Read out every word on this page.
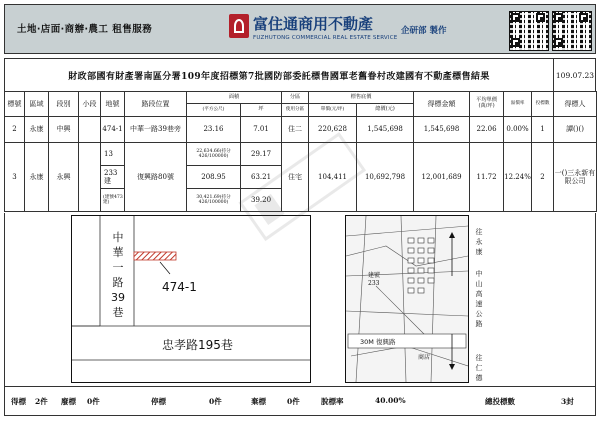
土地‧店面‧商辦‧農工 租售服務	富住通商用不動產
FUZHUTONG COMMERCIAL REAL ESTATE SERVICE
企研部 製作
財政部國有財產署南區分署109年度招標第7批國防部委託標售國軍老舊眷村改建國有不動產標售結果	109.07.23
標號	區域	段別	小段	地號	路段位置	面積		分區	標售底價		得標金額	平均單價
(萬/坪)	溢價率	投標數	得標人
						(平方公尺)	坪	使用分區	單價(元/坪)	總價(元)					
2	永康	中興		474-1	中華一路39巷旁	23.16	7.01	住二	220,628	1,545,698	1,545,698	22.06	0.00%	1	譚()()
3	永康	永興		13	復興路80號	22,634.66(持分426/100000)	29.17	住宅	104,411	10,692,798	12,001,689	11.72	12.24%	2	一()三永新有限公司
				233建		208.95	63.21								
				(建號473建)		30,421.69(持分426/100000)	39.20								
中
華
一
路
39
巷
474-1
忠孝路195巷
建號233
30M 復興路
商店
往
永
康
中
山
高
速
公
路
往
仁
德
得標 2件 廢標 0件	停標	0件	棄標	0件	脫標率	40.00%	總投標數	3封
